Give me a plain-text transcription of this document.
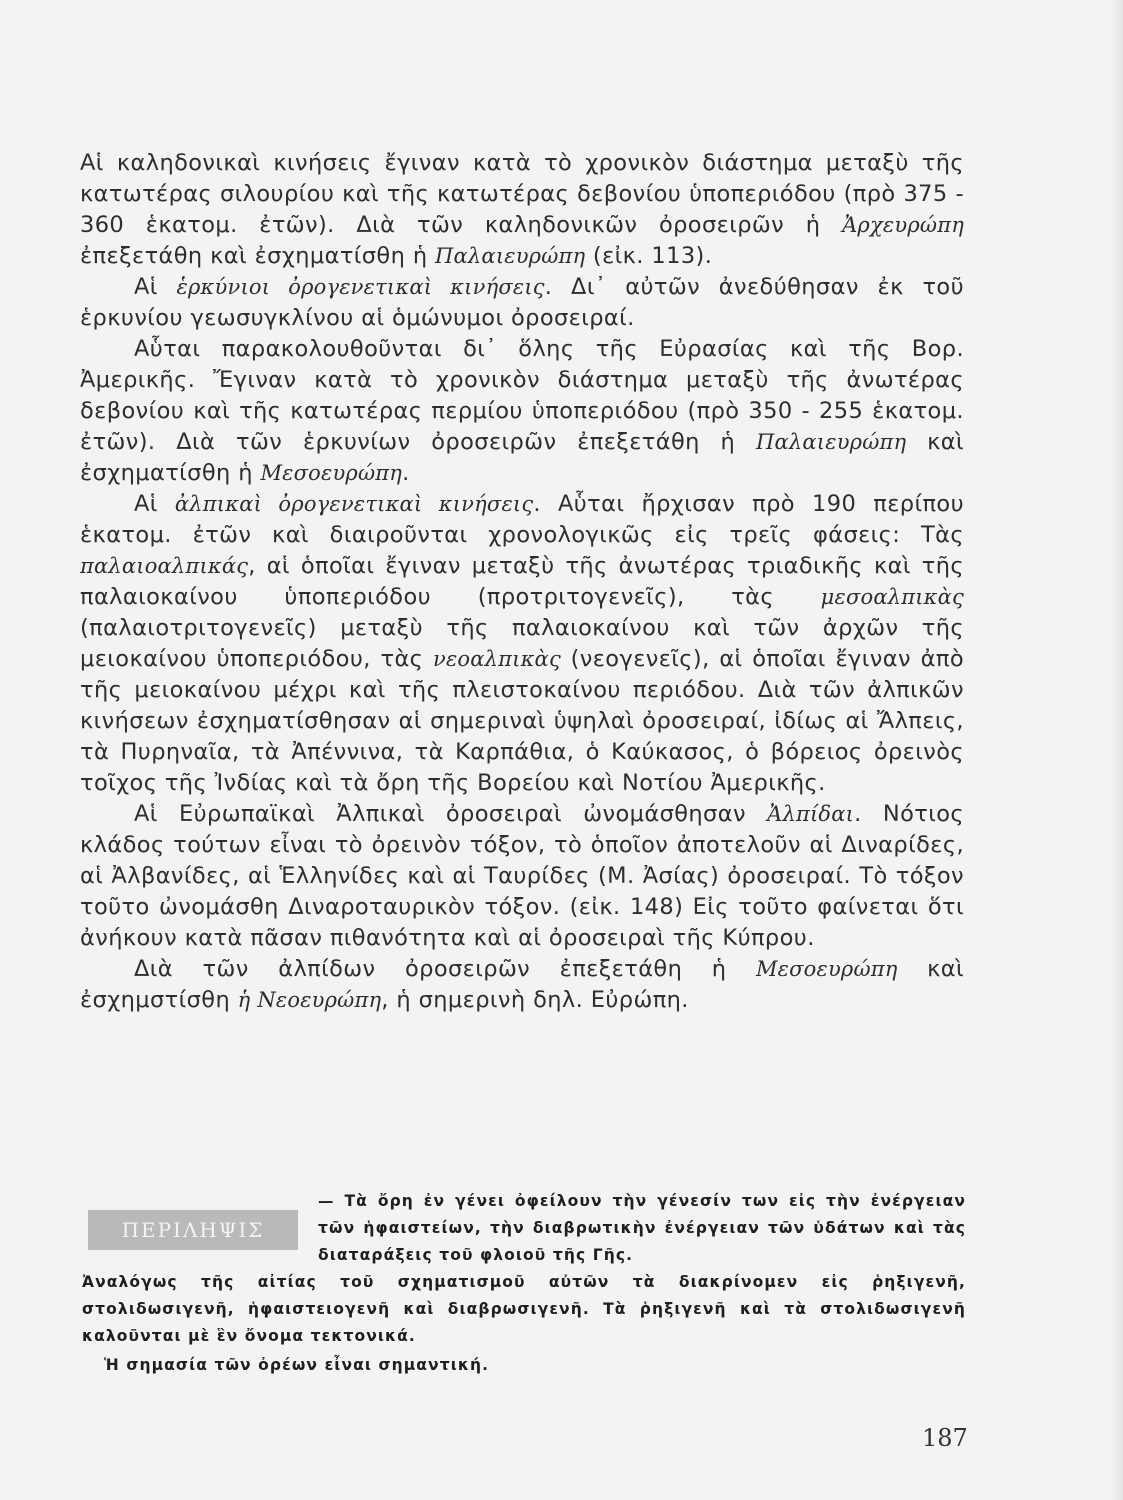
Αἱ καληδονικαὶ κινήσεις ἔγιναν κατὰ τὸ χρονικὸν διάστημα μεταξὺ τῆς κατωτέρας σιλουρίου καὶ τῆς κατωτέρας δεβονίου ὑποπεριόδου (πρὸ 375 - 360 ἑκατομ. ἐτῶν). Διὰ τῶν καληδονικῶν ὀροσειρῶν ἡ Ἀρχευρώπη ἐπεξετάθη καὶ ἐσχηματίσθη ἡ Παλαιευρώπη (εἰκ. 113).

Αἱ ἑρκύνιοι ὀρογενετικαὶ κινήσεις. Δι᾽ αὐτῶν ἀνεδύθησαν ἐκ τοῦ ἑρκυνίου γεωσυγκλίνου αἱ ὁμώνυμοι ὀροσειραί.

Αὗται παρακολουθοῦνται δι᾽ ὅλης τῆς Εὐρασίας καὶ τῆς Βορ. Ἀμερικῆς. Ἔγιναν κατὰ τὸ χρονικὸν διάστημα μεταξὺ τῆς ἀνωτέρας δεβονίου καὶ τῆς κατωτέρας περμίου ὑποπεριόδου (πρὸ 350 - 255 ἑκατομ. ἐτῶν). Διὰ τῶν ἑρκυνίων ὀροσειρῶν ἐπεξετάθη ἡ Παλαιευρώπη καὶ ἐσχηματίσθη ἡ Μεσοευρώπη.

Αἱ ἀλπικαὶ ὀρογενετικαὶ κινήσεις. Αὗται ἤρχισαν πρὸ 190 περίπου ἑκατομ. ἐτῶν καὶ διαιροῦνται χρονολογικῶς εἰς τρεῖς φάσεις: Τὰς παλαιοαλπικάς, αἱ ὁποῖαι ἔγιναν μεταξὺ τῆς ἀνωτέρας τριαδικῆς καὶ τῆς παλαιοκαίνου ὑποπεριόδου (προτριτογενεῖς), τὰς μεσοαλπικὰς (παλαιοτριτογενεῖς) μεταξὺ τῆς παλαιοκαίνου καὶ τῶν ἀρχῶν τῆς μειοκαίνου ὑποπεριόδου, τὰς νεοαλπικὰς (νεογενεῖς), αἱ ὁποῖαι ἔγιναν ἀπὸ τῆς μειοκαίνου μέχρι καὶ τῆς πλειστοκαίνου περιόδου. Διὰ τῶν ἀλπικῶν κινήσεων ἐσχηματίσθησαν αἱ σημεριναὶ ὑψηλαὶ ὀροσειραί, ἰδίως αἱ Ἄλπεις, τὰ Πυρηναῖα, τὰ Ἀπέννινα, τὰ Καρπάθια, ὁ Καύκασος, ὁ βόρειος ὀρεινὸς τοῖχος τῆς Ἰνδίας καὶ τὰ ὄρη τῆς Βορείου καὶ Νοτίου Ἀμερικῆς.

Αἱ Εὐρωπαϊκαὶ Ἀλπικαὶ ὀροσειραὶ ὠνομάσθησαν Ἀλπίδαι. Νότιος κλάδος τούτων εἶναι τὸ ὀρεινὸν τόξον, τὸ ὁποῖον ἀποτελοῦν αἱ Διναρίδες, αἱ Ἀλβανίδες, αἱ Ἑλληνίδες καὶ αἱ Ταυρίδες (Μ. Ἀσίας) ὀροσειραί. Τὸ τόξον τοῦτο ὠνομάσθη Διναροταυρικὸν τόξον. (εἰκ. 148) Εἰς τοῦτο φαίνεται ὅτι ἀνήκουν κατὰ πᾶσαν πιθανότητα καὶ αἱ ὀροσειραὶ τῆς Κύπρου.

Διὰ τῶν ἀλπίδων ὀροσειρῶν ἐπεξετάθη ἡ Μεσοευρώπη καὶ ἐσχημστίσθη ἡ Νεοευρώπη, ἡ σημερινὴ δηλ. Εὐρώπη.

ΠΕΡΙΛΗΨΙΣ
— Τὰ ὄρη ἐν γένει ὀφείλουν τὴν γένεσίν των εἰς τὴν ἐνέργειαν τῶν ἡφαιστείων, τὴν διαβρωτικὴν ἐνέργειαν τῶν ὑδάτων καὶ τὰς διαταράξεις τοῦ φλοιοῦ τῆς Γῆς.
Ἀναλόγως τῆς αἰτίας τοῦ σχηματισμοῦ αὐτῶν τὰ διακρίνομεν εἰς ῥηξιγενῆ, στολιδωσιγενῆ, ἡφαιστειογενῆ καὶ διαβρωσιγενῆ. Τὰ ῥηξιγενῆ καὶ τὰ στολιδωσιγενῆ καλοῦνται μὲ ἓν ὄνομα τεκτονικά.
Ἡ σημασία τῶν ὀρέων εἶναι σημαντική.
187
